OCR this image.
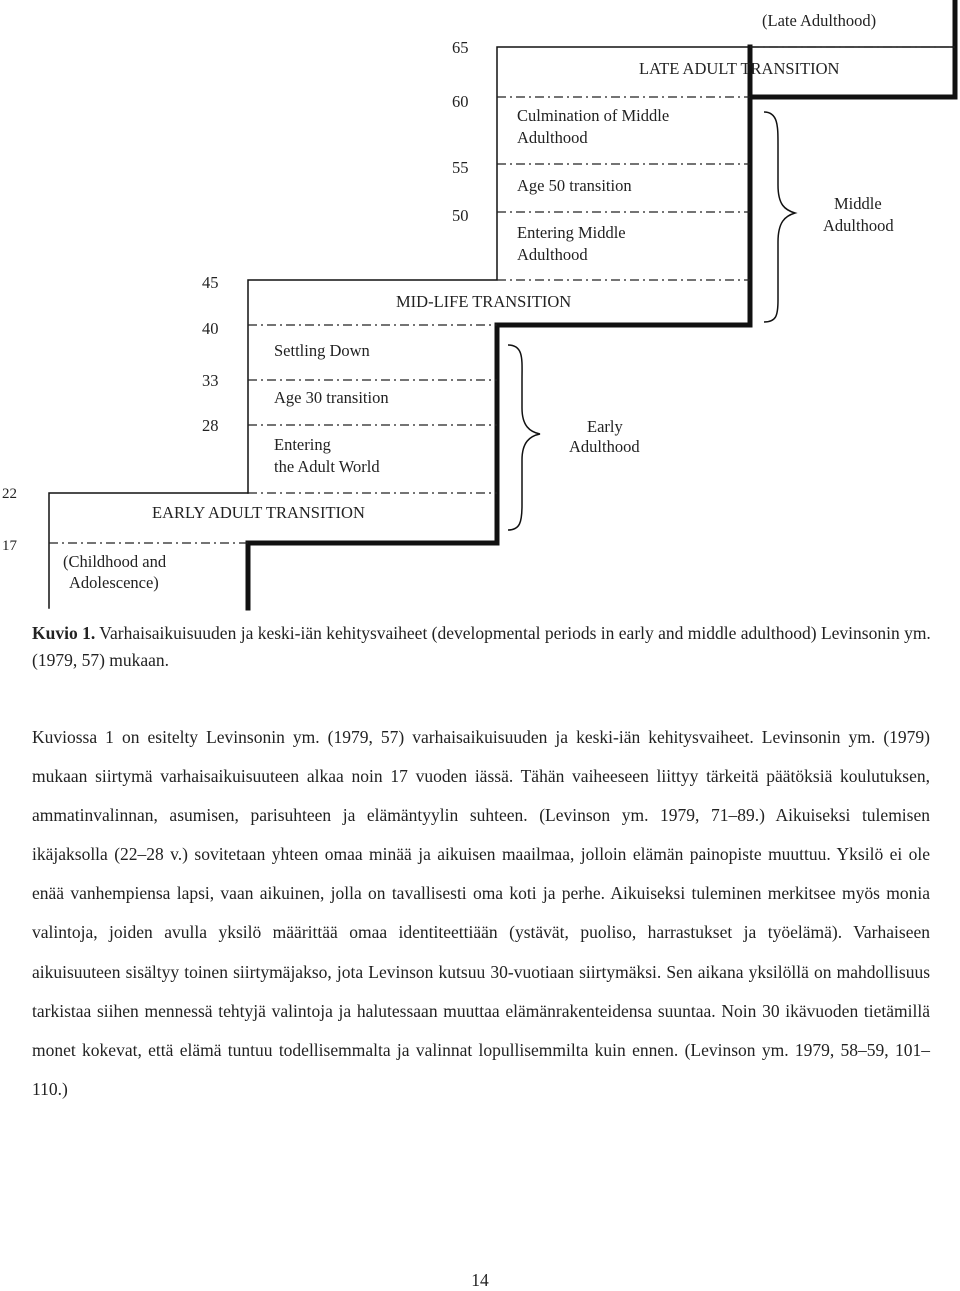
65
60
55
50
45
40
33
28
22
17
(Late Adulthood)
LATE ADULT TRANSITION
Culmination of Middle
Adulthood
Age 50 transition
Entering Middle
Adulthood
Middle
Adulthood
MID-LIFE TRANSITION
Settling Down
Age 30 transition
Entering
the Adult World
Early
Adulthood
EARLY ADULT TRANSITION
(Childhood and
Adolescence)
Kuvio 1. Varhaisaikuisuuden ja keski-iän kehitysvaiheet (developmental periods in early and middle adulthood) Levinsonin ym. (1979, 57) mukaan.
Kuviossa 1 on esitelty Levinsonin ym. (1979, 57) varhaisaikuisuuden ja keski-iän kehitysvaiheet. Levinsonin ym. (1979) mukaan siirtymä varhaisaikuisuuteen alkaa noin 17 vuoden iässä. Tähän vaiheeseen liittyy tärkeitä päätöksiä koulutuksen, ammatinvalinnan, asumisen, parisuhteen ja elämäntyylin suhteen. (Levinson ym. 1979, 71–89.) Aikuiseksi tulemisen ikäjaksolla (22–28 v.) sovitetaan yhteen omaa minää ja aikuisen maailmaa, jolloin elämän painopiste muuttuu. Yksilö ei ole enää vanhempiensa lapsi, vaan aikuinen, jolla on tavallisesti oma koti ja perhe. Aikuiseksi tuleminen merkitsee myös monia valintoja, joiden avulla yksilö määrittää omaa identiteettiään (ystävät, puoliso, harrastukset ja työelämä). Varhaiseen aikuisuuteen sisältyy toinen siirtymäjakso, jota Levinson kutsuu 30-vuotiaan siirtymäksi. Sen aikana yksilöllä on mahdollisuus tarkistaa siihen mennessä tehtyjä valintoja ja halutessaan muuttaa elämänrakenteidensa suuntaa. Noin 30 ikävuoden tietämillä monet kokevat, että elämä tuntuu todellisemmalta ja valinnat lopullisemmilta kuin ennen. (Levinson ym. 1979, 58–59, 101–110.)
14
